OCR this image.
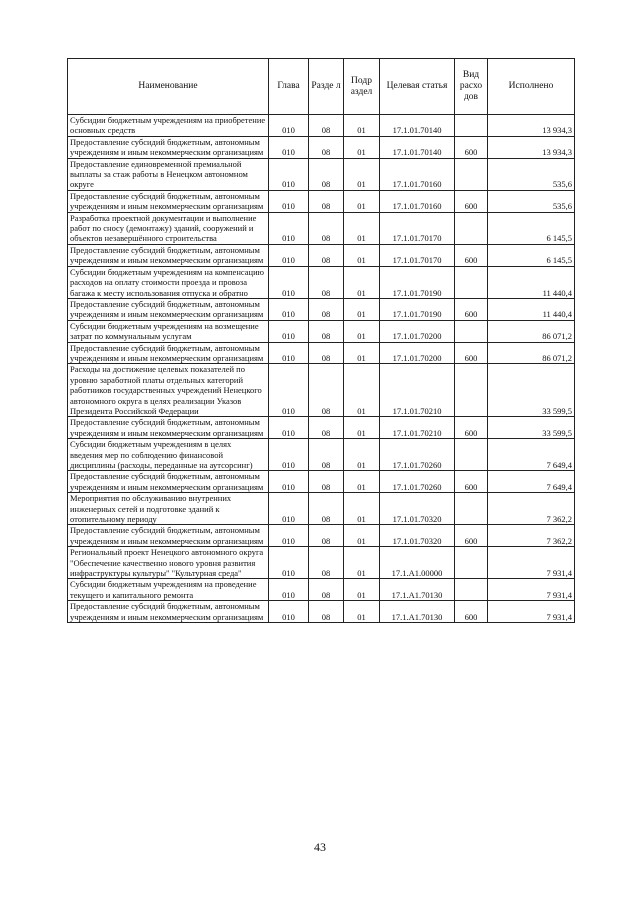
Наименование	Глава	Разде л	Подр аздел	Целевая статья	Вид расхо дов	Исполнено
Субсидии бюджетным учреждениям на приобретение основных средств	010	08	01	17.1.01.70140		13 934,3
Предоставление субсидий бюджетным, автономным учреждениям и иным некоммерческим организациям	010	08	01	17.1.01.70140	600	13 934,3
Предоставление единовременной премиальной выплаты за стаж работы в Ненецком автономном округе	010	08	01	17.1.01.70160		535,6
Предоставление субсидий бюджетным, автономным учреждениям и иным некоммерческим организациям	010	08	01	17.1.01.70160	600	535,6
Разработка проектной документации и выполнение работ по сносу (демонтажу) зданий, сооружений и объектов незавершённого строительства	010	08	01	17.1.01.70170		6 145,5
Предоставление субсидий бюджетным, автономным учреждениям и иным некоммерческим организациям	010	08	01	17.1.01.70170	600	6 145,5
Субсидии бюджетным учреждениям на компенсацию расходов на оплату стоимости проезда и провоза багажа к месту использования отпуска и обратно	010	08	01	17.1.01.70190		11 440,4
Предоставление субсидий бюджетным, автономным учреждениям и иным некоммерческим организациям	010	08	01	17.1.01.70190	600	11 440,4
Субсидии бюджетным учреждениям на возмещение затрат по коммунальным услугам	010	08	01	17.1.01.70200		86 071,2
Предоставление субсидий бюджетным, автономным учреждениям и иным некоммерческим организациям	010	08	01	17.1.01.70200	600	86 071,2
Расходы на достижение целевых показателей по уровню заработной платы отдельных категорий работников государственных учреждений Ненецкого автономного округа в целях реализации Указов Президента Российской Федерации	010	08	01	17.1.01.70210		33 599,5
Предоставление субсидий бюджетным, автономным учреждениям и иным некоммерческим организациям	010	08	01	17.1.01.70210	600	33 599,5
Субсидии бюджетным учреждениям в целях введения мер по соблюдению финансовой дисциплины (расходы, переданные на аутсорсинг)	010	08	01	17.1.01.70260		7 649,4
Предоставление субсидий бюджетным, автономным учреждениям и иным некоммерческим организациям	010	08	01	17.1.01.70260	600	7 649,4
Мероприятия по обслуживанию внутренних инженерных сетей и подготовке зданий к отопительному периоду	010	08	01	17.1.01.70320		7 362,2
Предоставление субсидий бюджетным, автономным учреждениям и иным некоммерческим организациям	010	08	01	17.1.01.70320	600	7 362,2
Региональный проект Ненецкого автономного округа "Обеспечение качественно нового уровня развития инфраструктуры культуры" "Культурная среда"	010	08	01	17.1.A1.00000		7 931,4
Субсидии бюджетным учреждениям на проведение текущего и капитального ремонта	010	08	01	17.1.A1.70130		7 931,4
Предоставление субсидий бюджетным, автономным учреждениям и иным некоммерческим организациям	010	08	01	17.1.A1.70130	600	7 931,4
43
